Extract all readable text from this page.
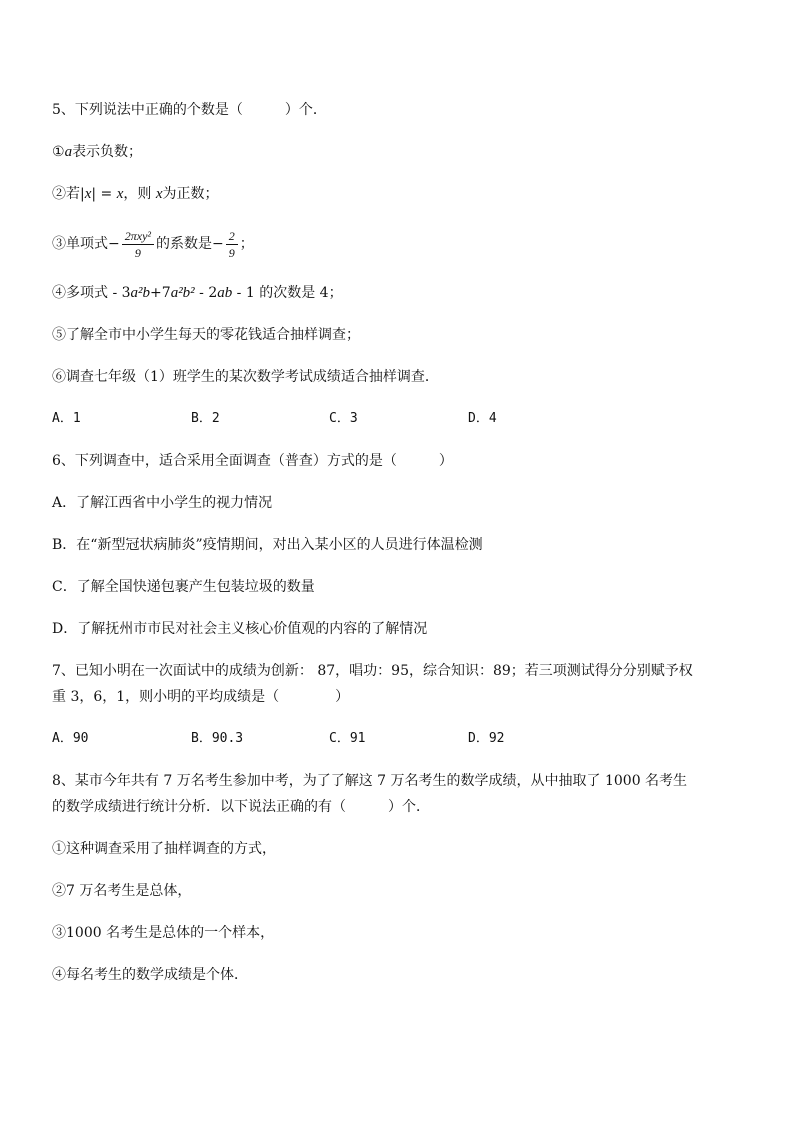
5、下列说法中正确的个数是（　　　）个．
①a表示负数；
②若|x| = x，则 x为正数；
③单项式− $\frac{\text{2πxy²}}{9}$ 的系数是− $\frac{2}{9}$ ；
④多项式 - 3a²b+7a²b² - 2ab - 1 的次数是 4；
⑤了解全市中小学生每天的零花钱适合抽样调查；
⑥调查七年级（1）班学生的某次数学考试成绩适合抽样调查．
A．1	B．2	C．3	D．4
6、下列调查中，适合采用全面调查（普查）方式的是（　　　）
A．了解江西省中小学生的视力情况
B．在“新型冠状病肺炎”疫情期间，对出入某小区的人员进行体温检测
C．了解全国快递包裹产生包装垃圾的数量
D．了解抚州市市民对社会主义核心价值观的内容的了解情况
7、已知小明在一次面试中的成绩为创新： 87，唱功：95，综合知识：89；若三项测试得分分别赋予权
重 3，6，1，则小明的平均成绩是（　　　　）
A．90	B．90.3	C．91	D．92
8、某市今年共有 7 万名考生参加中考，为了了解这 7 万名考生的数学成绩，从中抽取了 1000 名考生
的数学成绩进行统计分析．以下说法正确的有（　　　）个．
①这种调查采用了抽样调查的方式，
②7 万名考生是总体，
③1000 名考生是总体的一个样本，
④每名考生的数学成绩是个体．
